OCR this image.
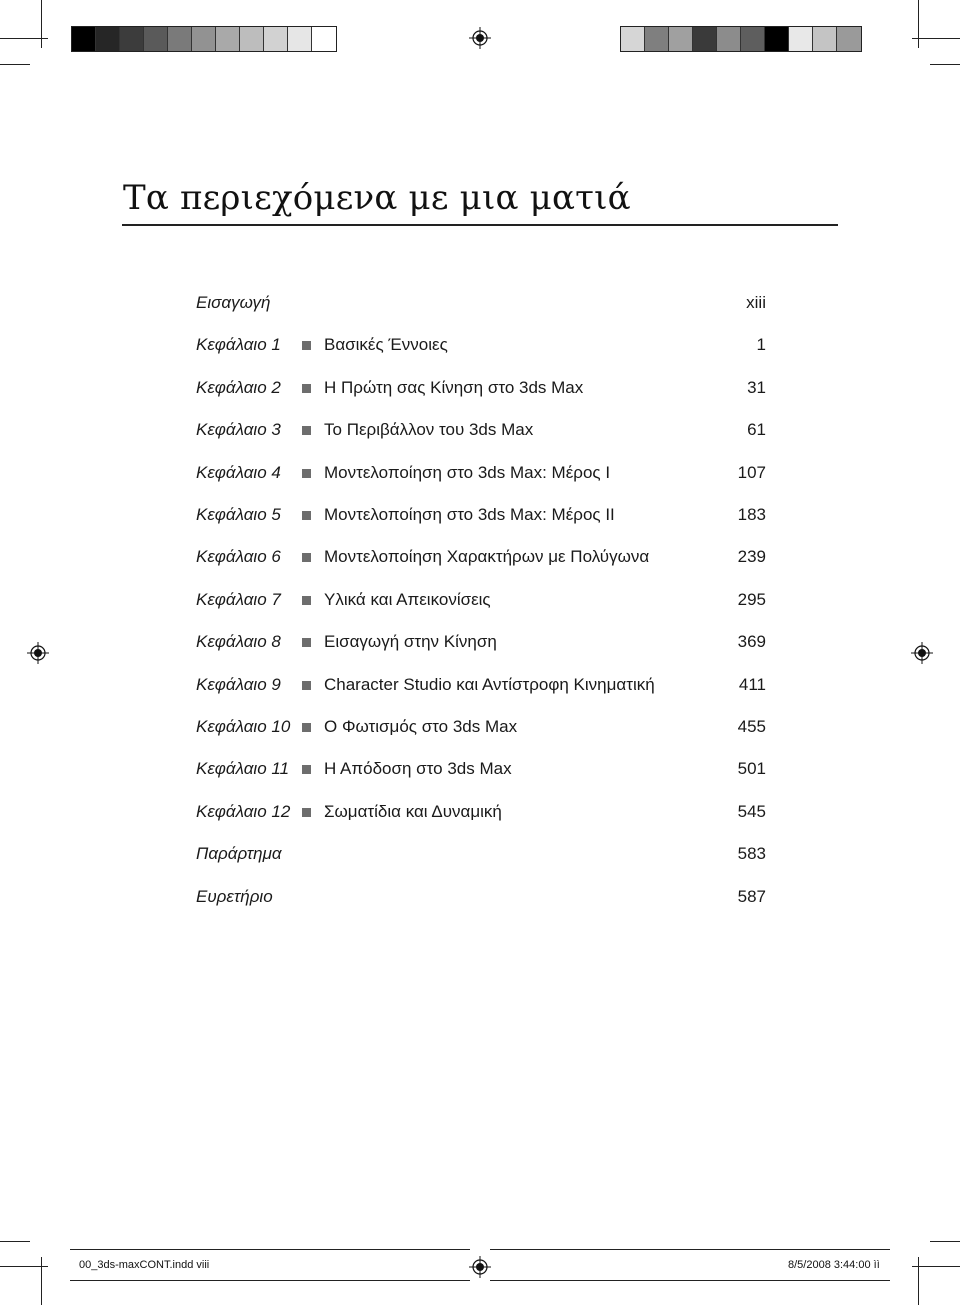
Τα περιεχόμενα με μια ματιά
Εισαγωγή	xiii
Κεφάλαιο 1	Βασικές Έννοιες	1
Κεφάλαιο 2	Η Πρώτη σας Κίνηση στο 3ds Max	31
Κεφάλαιο 3	Το Περιβάλλον του 3ds Max	61
Κεφάλαιο 4	Μοντελοποίηση στο 3ds Max: Μέρος I	107
Κεφάλαιο 5	Μοντελοποίηση στο 3ds Max: Μέρος II	183
Κεφάλαιο 6	Μοντελοποίηση Χαρακτήρων με Πολύγωνα	239
Κεφάλαιο 7	Υλικά και Απεικονίσεις	295
Κεφάλαιο 8	Εισαγωγή στην Κίνηση	369
Κεφάλαιο 9	Character Studio και Αντίστροφη Κινηματική	411
Κεφάλαιο 10 Ο Φωτισμός στο 3ds Max	455
Κεφάλαιο 11 Η Απόδοση στο 3ds Max	501
Κεφάλαιο 12 Σωματίδια και Δυναμική	545
Παράρτημα	583
Ευρετήριο	587
00_3ds-maxCONT.indd viii	8/5/2008 3:44:00 ìì
